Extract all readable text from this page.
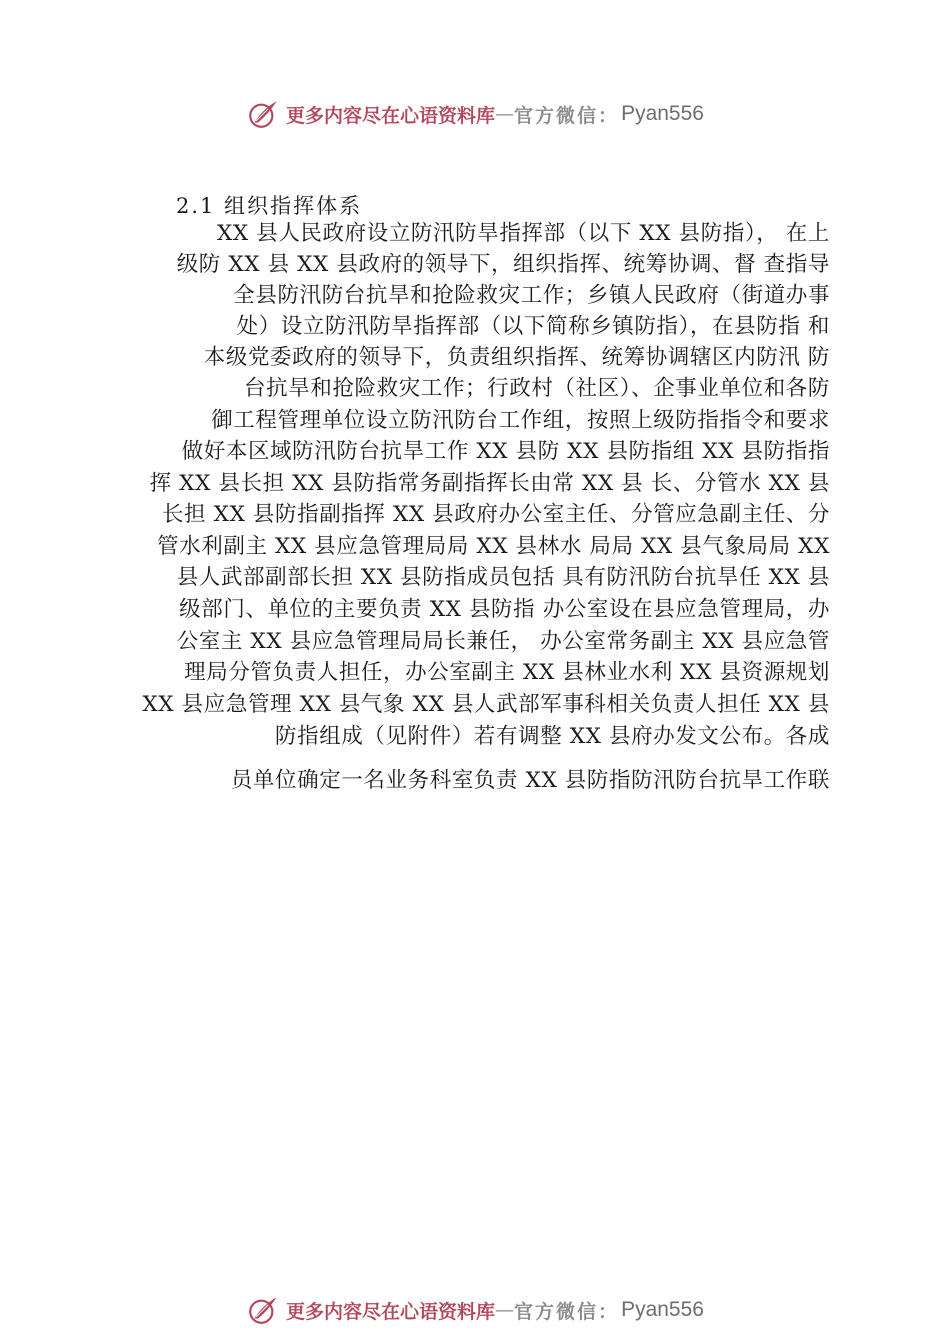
更多内容尽在心语资料库 — 官方微信： Pyan556
2.1 组织指挥体系
XX 县人民政府设立防汛防旱指挥部（以下 XX 县防指）， 在上
级防 XX 县 XX 县政府的领导下，组织指挥、统筹协调、督 查指导
全县防汛防台抗旱和抢险救灾工作；乡镇人民政府（街道办事
处）设立防汛防旱指挥部（以下简称乡镇防指），在县防指 和
本级党委政府的领导下，负责组织指挥、统筹协调辖区内防汛 防
台抗旱和抢险救灾工作；行政村（社区）、企事业单位和各防
御工程管理单位设立防汛防台工作组，按照上级防指指令和要求
做好本区域防汛防台抗旱工作 XX 县防 XX 县防指组 XX 县防指指
挥 XX 县长担 XX 县防指常务副指挥长由常 XX 县 长、分管水 XX 县
长担 XX 县防指副指挥 XX 县政府办公室主任、分管应急副主任、分
管水利副主 XX 县应急管理局局 XX 县林水 局局 XX 县气象局局 XX
县人武部副部长担 XX 县防指成员包括 具有防汛防台抗旱任 XX 县
级部门、单位的主要负责 XX 县防指 办公室设在县应急管理局，办
公室主 XX 县应急管理局局长兼任， 办公室常务副主 XX 县应急管
理局分管负责人担任，办公室副主 XX 县林业水利 XX 县资源规划
XX 县应急管理 XX 县气象 XX 县人武部军事科相关负责人担任 XX 县
防指组成（见附件）若有调整 XX 县府办发文公布。各成
员单位确定一名业务科室负责 XX 县防指防汛防台抗旱工作联
更多内容尽在心语资料库 — 官方微信： Pyan556
